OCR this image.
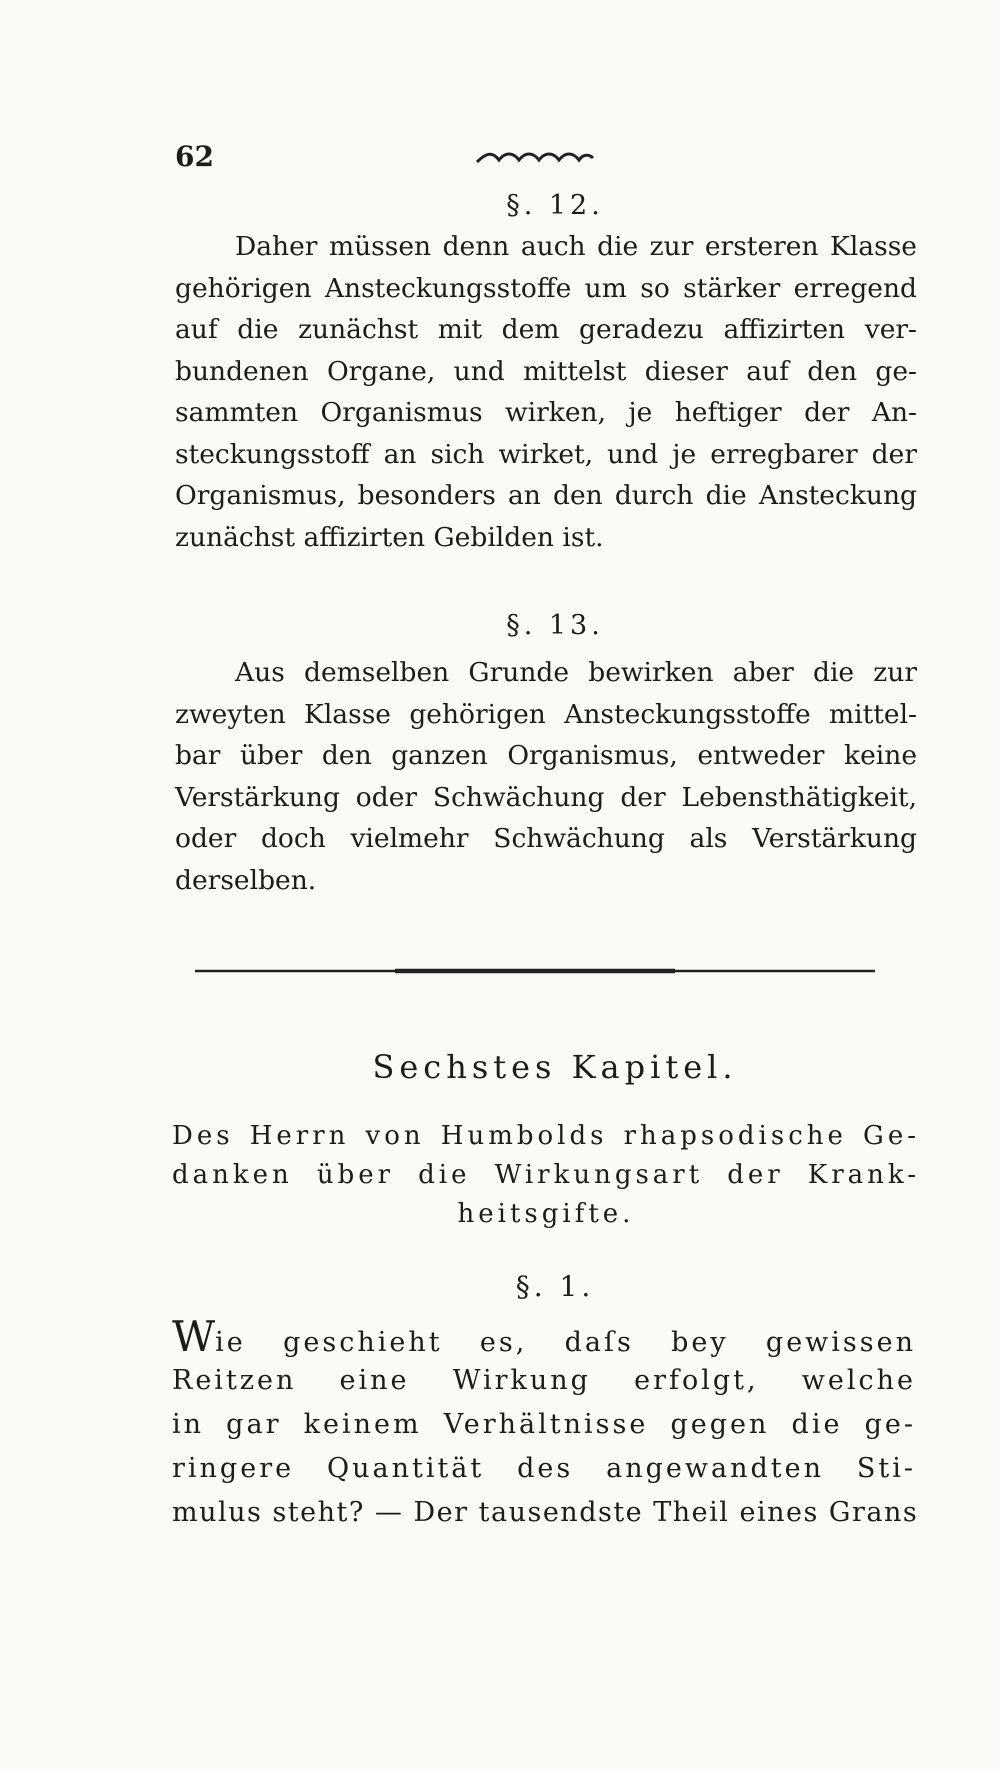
62
§. 12.
Daher müssen denn auch die zur ersteren Klasse
gehörigen Ansteckungsstoffe um so stärker erregend
auf die zunächst mit dem geradezu affizirten ver-
bundenen Organe, und mittelst dieser auf den ge-
sammten Organismus wirken, je heftiger der An-
steckungsstoff an sich wirket, und je erregbarer der
Organismus, besonders an den durch die Ansteckung
zunächst affizirten Gebilden ist.
§. 13.
Aus demselben Grunde bewirken aber die zur
zweyten Klasse gehörigen Ansteckungsstoffe mittel-
bar über den ganzen Organismus, entweder keine
Verstärkung oder Schwächung der Lebensthätigkeit,
oder doch vielmehr Schwächung als Verstärkung
derselben.
Sechstes Kapitel.
Des Herrn von Humbolds rhapsodische Ge-
danken über die Wirkungsart der Krank-
heitsgifte.
§. 1.
Wie geschieht es, daſs bey gewissen
Reitzen eine Wirkung erfolgt, welche
in gar keinem Verhältnisse gegen die ge-
ringere Quantität des angewandten Sti-
mulus steht? — Der tausendste Theil eines Grans
